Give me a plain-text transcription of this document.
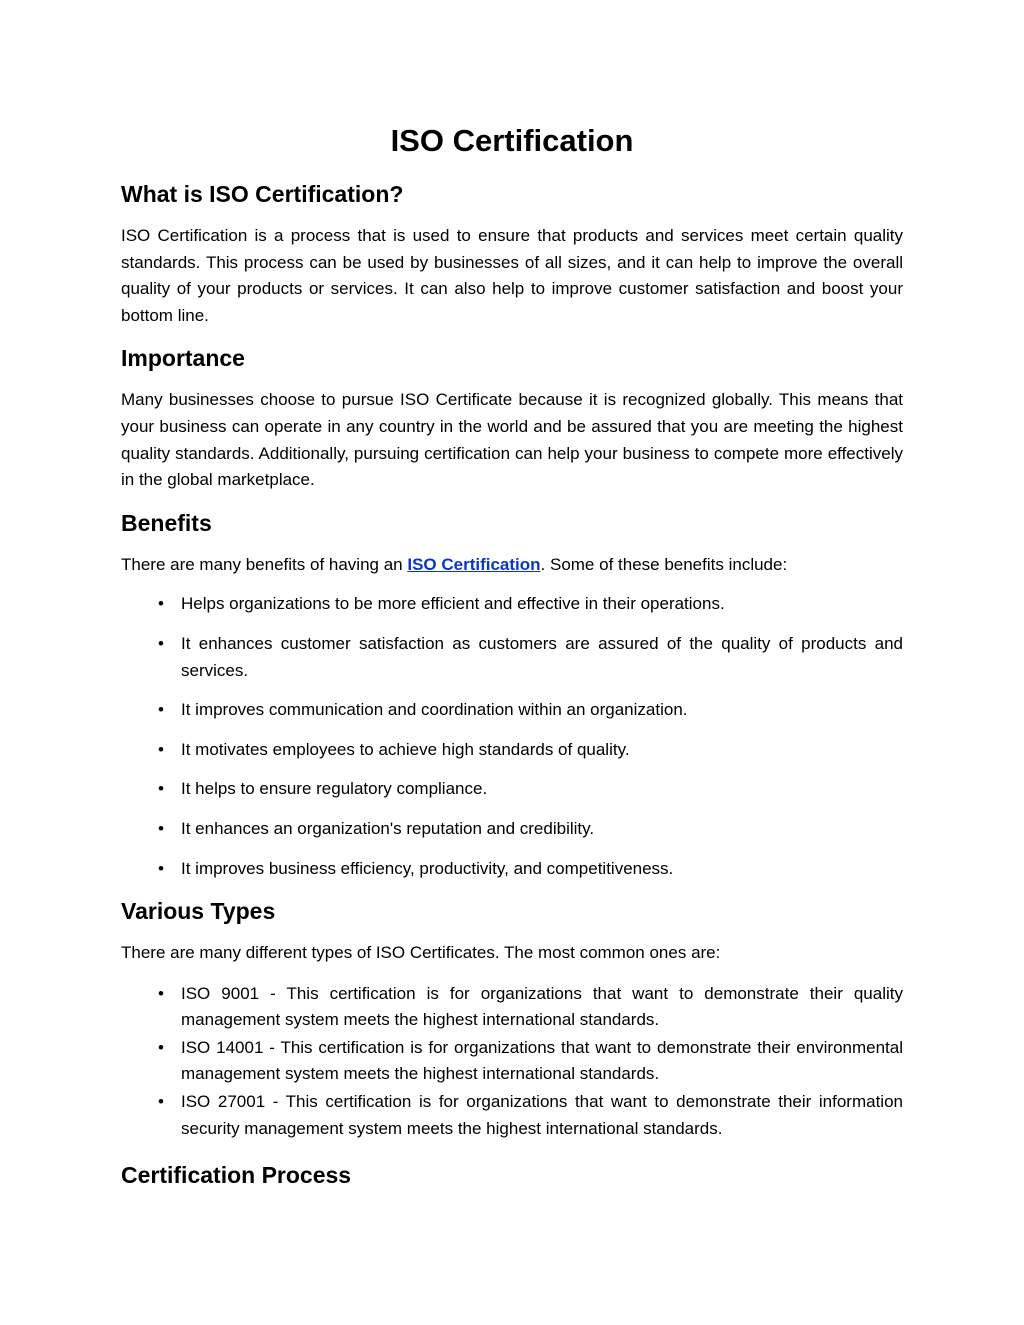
ISO Certification
What is ISO Certification?

ISO Certification is a process that is used to ensure that products and services meet certain quality standards. This process can be used by businesses of all sizes, and it can help to improve the overall quality of your products or services. It can also help to improve customer satisfaction and boost your bottom line.

Importance

Many businesses choose to pursue ISO Certificate because it is recognized globally. This means that your business can operate in any country in the world and be assured that you are meeting the highest quality standards. Additionally, pursuing certification can help your business to compete more effectively in the global marketplace.

Benefits

There are many benefits of having an ISO Certification. Some of these benefits include:

•	Helps organizations to be more efficient and effective in their operations.
•	It enhances customer satisfaction as customers are assured of the quality of products and services.
•	It improves communication and coordination within an organization.
•	It motivates employees to achieve high standards of quality.
•	It helps to ensure regulatory compliance.
•	It enhances an organization's reputation and credibility.
•	It improves business efficiency, productivity, and competitiveness.
Various Types

There are many different types of ISO Certificates. The most common ones are:

•	ISO 9001 - This certification is for organizations that want to demonstrate their quality management system meets the highest international standards.
•	ISO 14001 - This certification is for organizations that want to demonstrate their environmental management system meets the highest international standards.
•	ISO 27001 - This certification is for organizations that want to demonstrate their information security management system meets the highest international standards.
Certification Process
